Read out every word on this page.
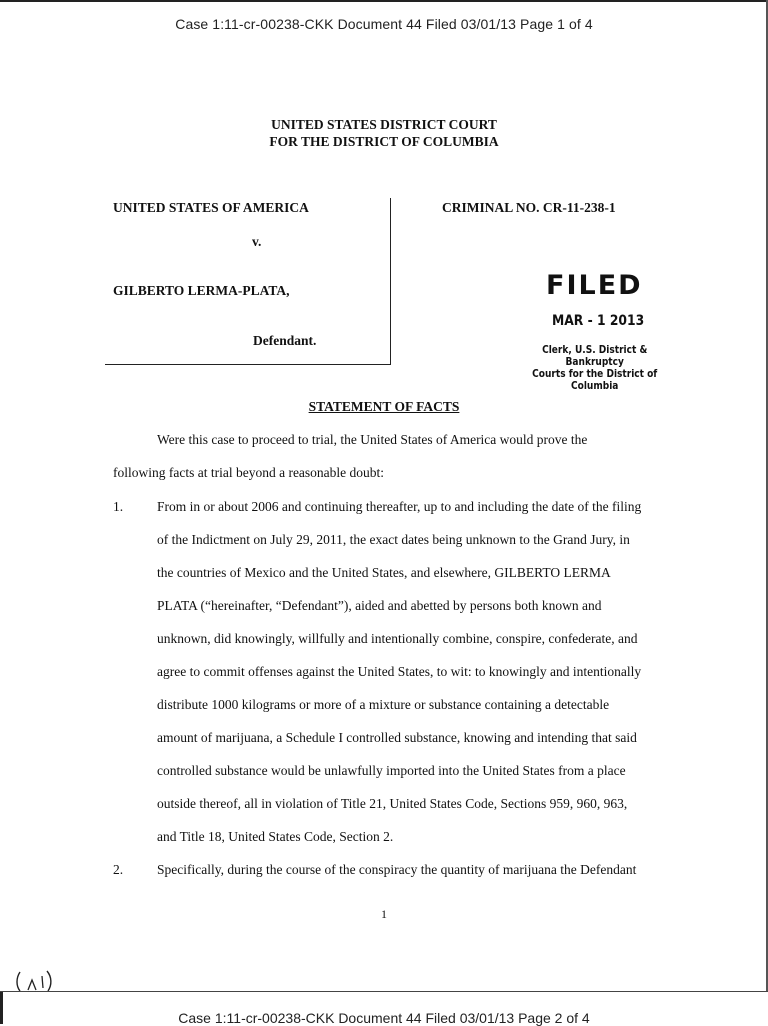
Case 1:11-cr-00238-CKK Document 44 Filed 03/01/13 Page 1 of 4
UNITED STATES DISTRICT COURT
FOR THE DISTRICT OF COLUMBIA
UNITED STATES OF AMERICA
v.
GILBERTO LERMA-PLATA,
Defendant.
CRIMINAL NO. CR-11-238-1
FILED
MAR - 1 2013
Clerk, U.S. District & Bankruptcy
Courts for the District of Columbia
STATEMENT OF FACTS
Were this case to proceed to trial, the United States of America would prove the
following facts at trial beyond a reasonable doubt:
1.	From in or about 2006 and continuing thereafter, up to and including the date of the filing
of the Indictment on July 29, 2011, the exact dates being unknown to the Grand Jury, in
the countries of Mexico and the United States, and elsewhere, GILBERTO LERMA
PLATA (“hereinafter, “Defendant”), aided and abetted by persons both known and
unknown, did knowingly, willfully and intentionally combine, conspire, confederate, and
agree to commit offenses against the United States, to wit: to knowingly and intentionally
distribute 1000 kilograms or more of a mixture or substance containing a detectable
amount of marijuana, a Schedule I controlled substance, knowing and intending that said
controlled substance would be unlawfully imported into the United States from a place
outside thereof, all in violation of Title 21, United States Code, Sections 959, 960, 963,
and Title 18, United States Code, Section 2.
2.	Specifically, during the course of the conspiracy the quantity of marijuana the Defendant
1
Case 1:11-cr-00238-CKK Document 44 Filed 03/01/13 Page 2 of 4
